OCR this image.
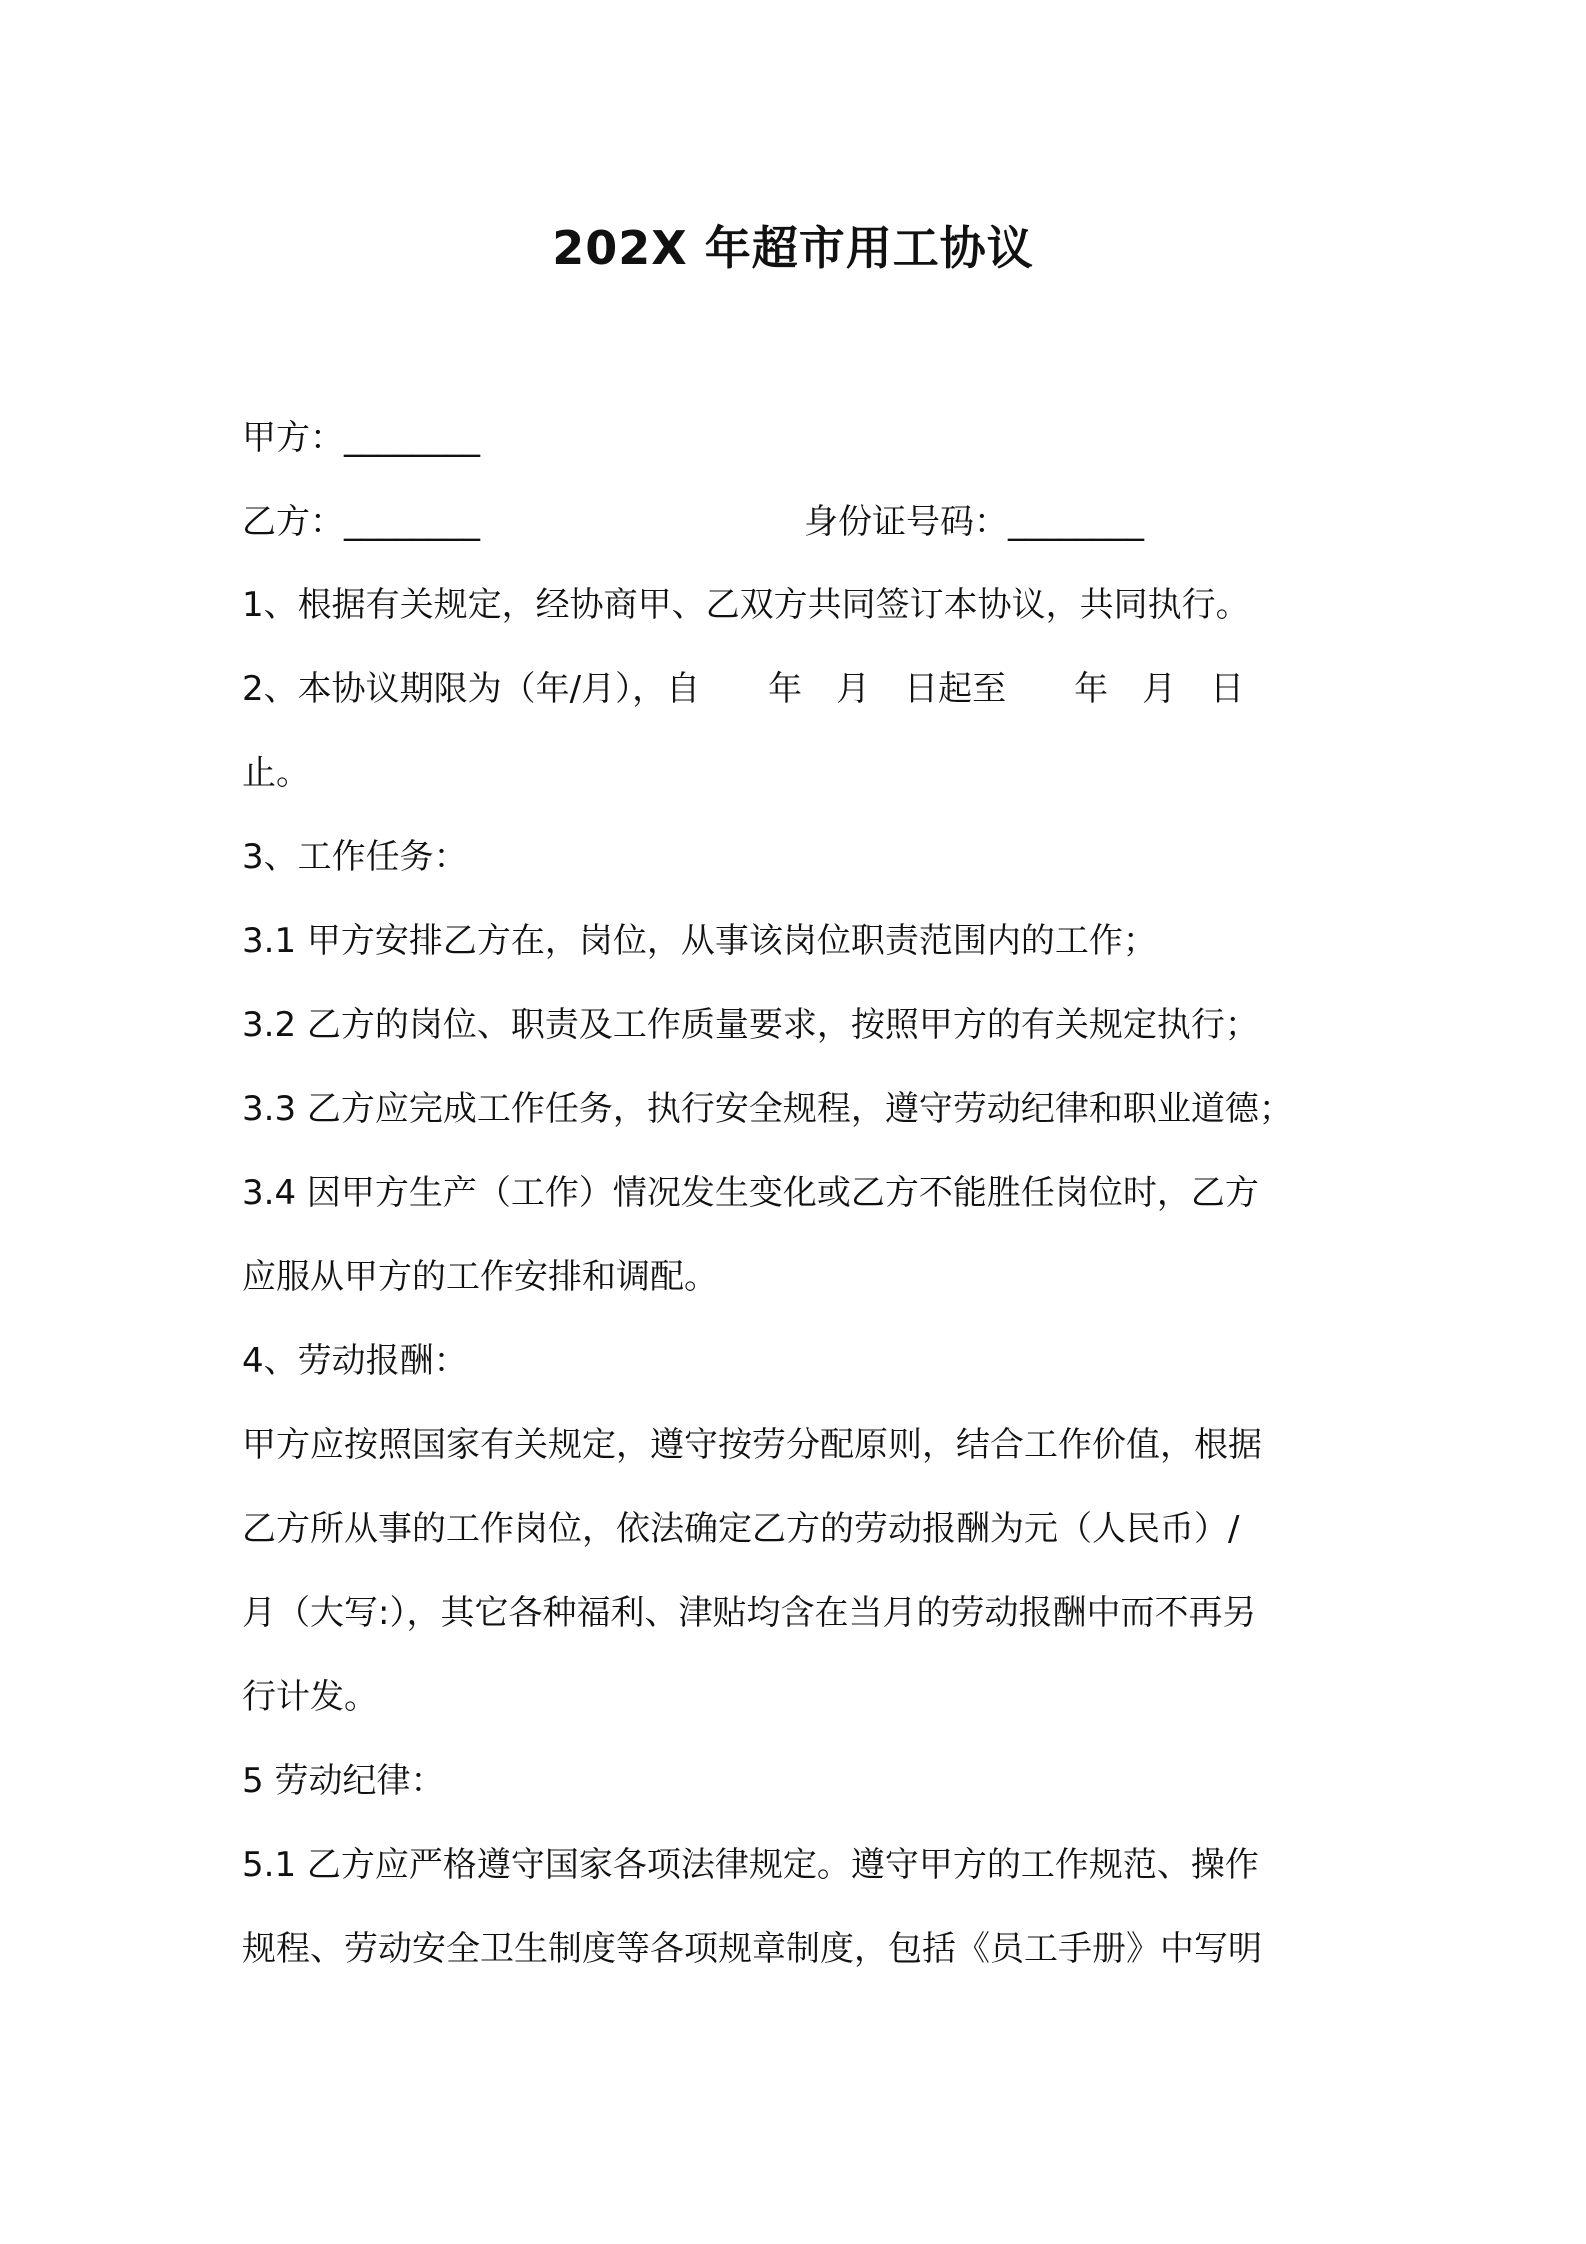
202X 年超市用工协议
甲方：________
乙方：________	身份证号码：________
1、根据有关规定，经协商甲、乙双方共同签订本协议，共同执行。
2、本协议期限为（年/月），自　　年　月　日起至　　年　月　日
止。
3、工作任务：
3.1 甲方安排乙方在，岗位，从事该岗位职责范围内的工作；
3.2 乙方的岗位、职责及工作质量要求，按照甲方的有关规定执行；
3.3 乙方应完成工作任务，执行安全规程，遵守劳动纪律和职业道德；
3.4 因甲方生产（工作）情况发生变化或乙方不能胜任岗位时，乙方
应服从甲方的工作安排和调配。
4、劳动报酬：
甲方应按照国家有关规定，遵守按劳分配原则，结合工作价值，根据
乙方所从事的工作岗位，依法确定乙方的劳动报酬为元（人民币）/
月（大写:），其它各种福利、津贴均含在当月的劳动报酬中而不再另
行计发。
5 劳动纪律：
5.1 乙方应严格遵守国家各项法律规定。遵守甲方的工作规范、操作
规程、劳动安全卫生制度等各项规章制度，包括《员工手册》中写明
